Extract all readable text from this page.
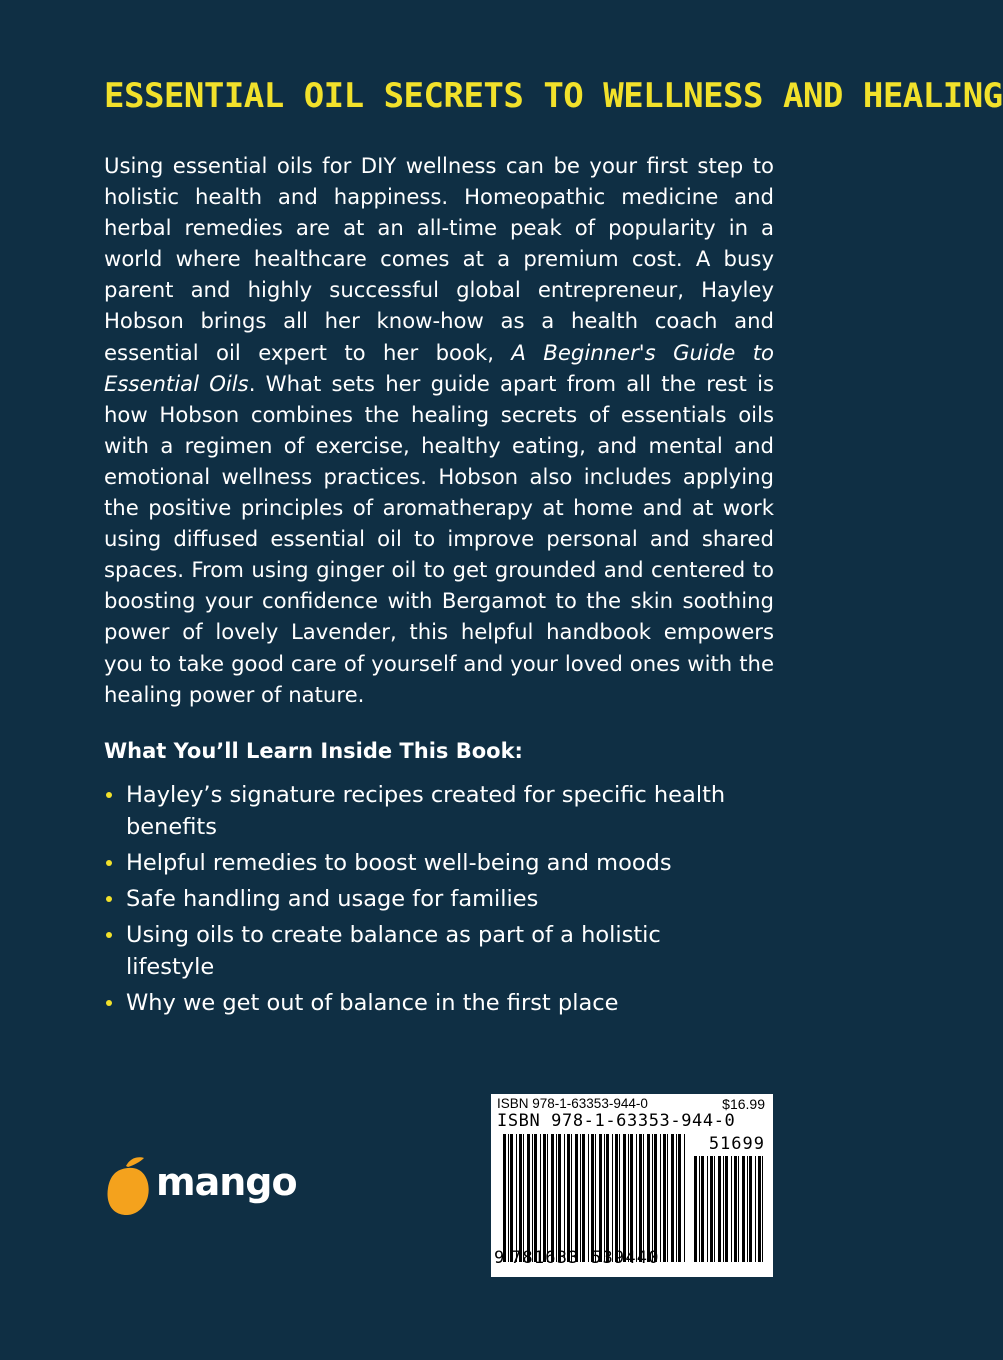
ESSENTIAL OIL SECRETS TO WELLNESS AND HEALING
Using essential oils for DIY wellness can be your first step to holistic health and happiness. Homeopathic medicine and herbal remedies are at an all-time peak of popularity in a world where healthcare comes at a premium cost. A busy parent and highly successful global entrepreneur, Hayley Hobson brings all her know-how as a health coach and essential oil expert to her book, A Beginner's Guide to Essential Oils. What sets her guide apart from all the rest is how Hobson combines the healing secrets of essentials oils with a regimen of exercise, healthy eating, and mental and emotional wellness practices. Hobson also includes applying the positive principles of aromatherapy at home and at work using diffused essential oil to improve personal and shared spaces. From using ginger oil to get grounded and centered to boosting your confidence with Bergamot to the skin soothing power of lovely Lavender, this helpful handbook empowers you to take good care of yourself and your loved ones with the healing power of nature.
What You’ll Learn Inside This Book:
Hayley’s signature recipes created for specific health benefits
Helpful remedies to boost well-being and moods
Safe handling and usage for families
Using oils to create balance as part of a holistic lifestyle
Why we get out of balance in the first place
mango
ISBN 978-1-63353-944-0	$16.99
ISBN 978-1-63353-944-0
51699
9 781633 539440
